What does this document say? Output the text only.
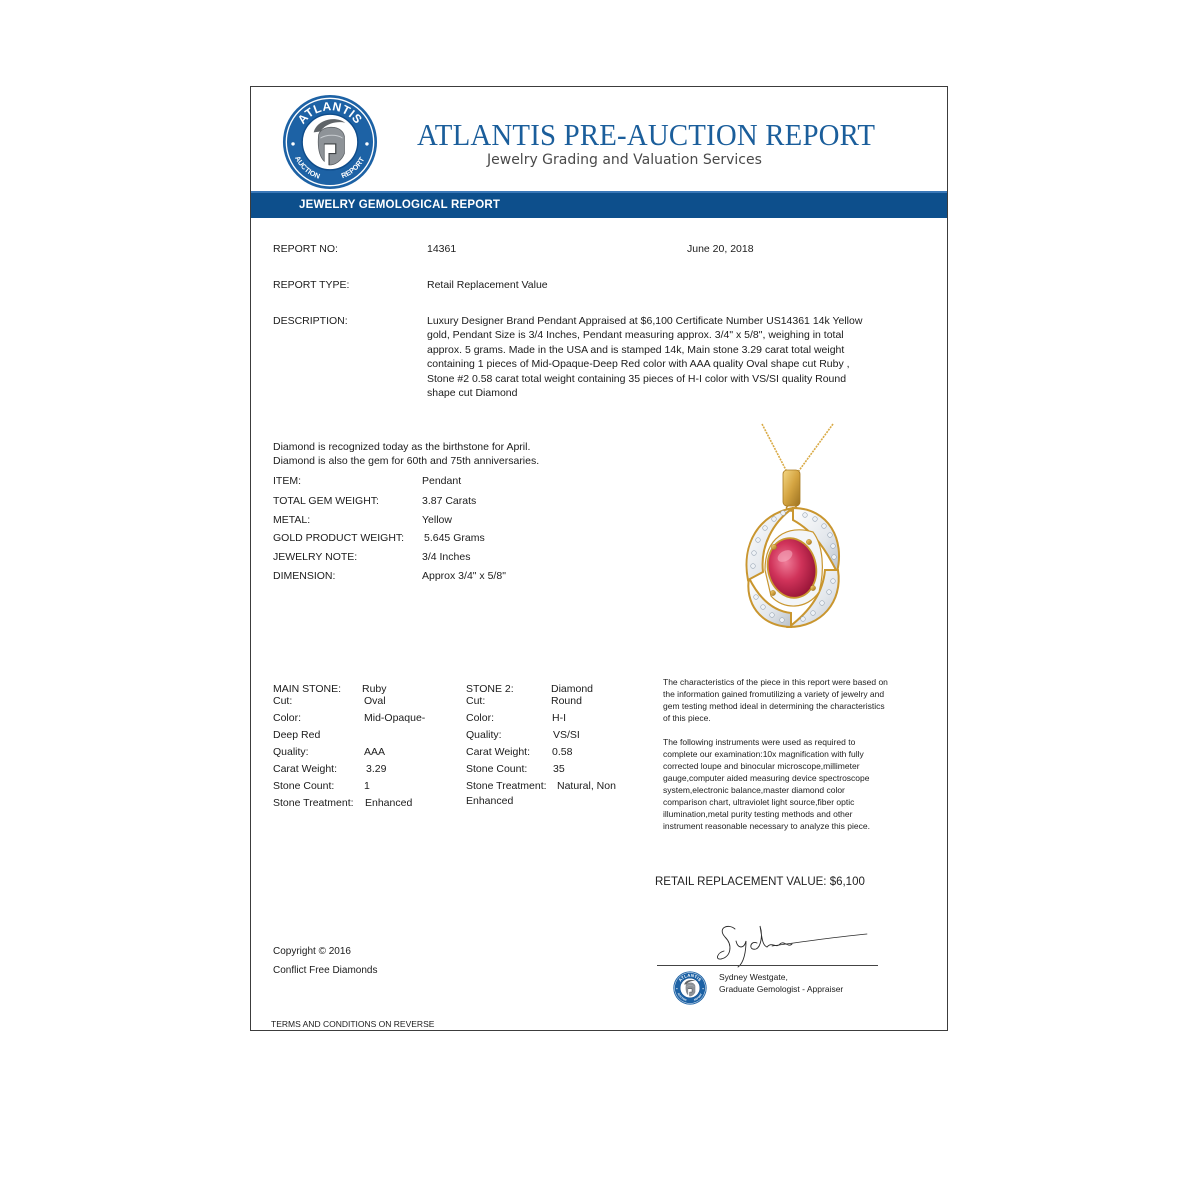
ATLANTIS PRE-AUCTION REPORT
Jewelry Grading and Valuation Services
JEWELRY GEMOLOGICAL REPORT
REPORT NO:	14361	June 20, 2018
REPORT TYPE:	Retail Replacement Value
DESCRIPTION:	Luxury Designer Brand Pendant Appraised at $6,100 Certificate Number US14361 14k Yellow
gold, Pendant Size is 3/4 Inches, Pendant measuring approx. 3/4" x 5/8", weighing in total
approx. 5 grams. Made in the USA and is stamped 14k, Main stone 3.29 carat total weight
containing 1 pieces of Mid-Opaque-Deep Red color with AAA quality Oval shape cut Ruby ,
Stone #2 0.58 carat total weight containing 35 pieces of H-I color with VS/SI quality Round
shape cut Diamond
Diamond is recognized today as the birthstone for April.
Diamond is also the gem for 60th and 75th anniversaries.
ITEM:	Pendant
TOTAL GEM WEIGHT:	3.87 Carats
METAL:	Yellow
GOLD PRODUCT WEIGHT: 5.645 Grams
JEWELRY NOTE:	3/4 Inches
DIMENSION:	Approx 3/4" x 5/8"
MAIN STONE: Ruby
Cut:	Oval
Color:	Mid-Opaque-
Deep Red
Quality:	AAA
Carat Weight:	3.29
Stone Count:	1
Stone Treatment: Enhanced
STONE 2:	Diamond
Cut:	Round
Color:	H-I
Quality:	VS/SI
Carat Weight: 0.58
Stone Count: 35
Stone Treatment: Natural, Non
Enhanced
The characteristics of the piece in this report were based on
the information gained fromutilizing a variety of jewelry and
gem testing method ideal in determining the characteristics
of this piece.
The following instruments were used as required to
complete our examination:10x magnification with fully
corrected loupe and binocular microscope,millimeter
gauge,computer aided measuring device spectroscope
system,electronic balance,master diamond color
comparison chart, ultraviolet light source,fiber optic
illumination,metal purity testing methods and other
instrument reasonable necessary to analyze this piece.
RETAIL REPLACEMENT VALUE: $6,100
Sydney Westgate,
Graduate Gemologist - Appraiser
Copyright © 2016
Conflict Free Diamonds
TERMS AND CONDITIONS ON REVERSE
